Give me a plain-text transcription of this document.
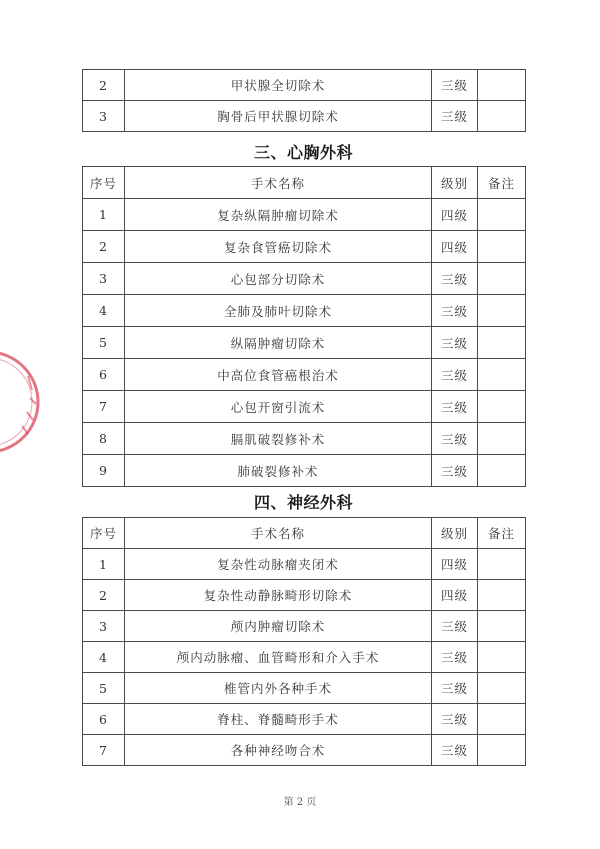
2	甲状腺全切除术	三级	
3	胸骨后甲状腺切除术	三级	
三、心胸外科
序号	手术名称	级别	备注
1	复杂纵隔肿瘤切除术	四级	
2	复杂食管癌切除术	四级	
3	心包部分切除术	三级	
4	全肺及肺叶切除术	三级	
5	纵隔肿瘤切除术	三级	
6	中高位食管癌根治术	三级	
7	心包开窗引流术	三级	
8	膈肌破裂修补术	三级	
9	肺破裂修补术	三级	
四、神经外科
序号	手术名称	级别	备注
1	复杂性动脉瘤夹闭术	四级	
2	复杂性动静脉畸形切除术	四级	
3	颅内肿瘤切除术	三级	
4	颅内动脉瘤、血管畸形和介入手术	三级	
5	椎管内外各种手术	三级	
6	脊柱、脊髓畸形手术	三级	
7	各种神经吻合术	三级	
第 2 页
